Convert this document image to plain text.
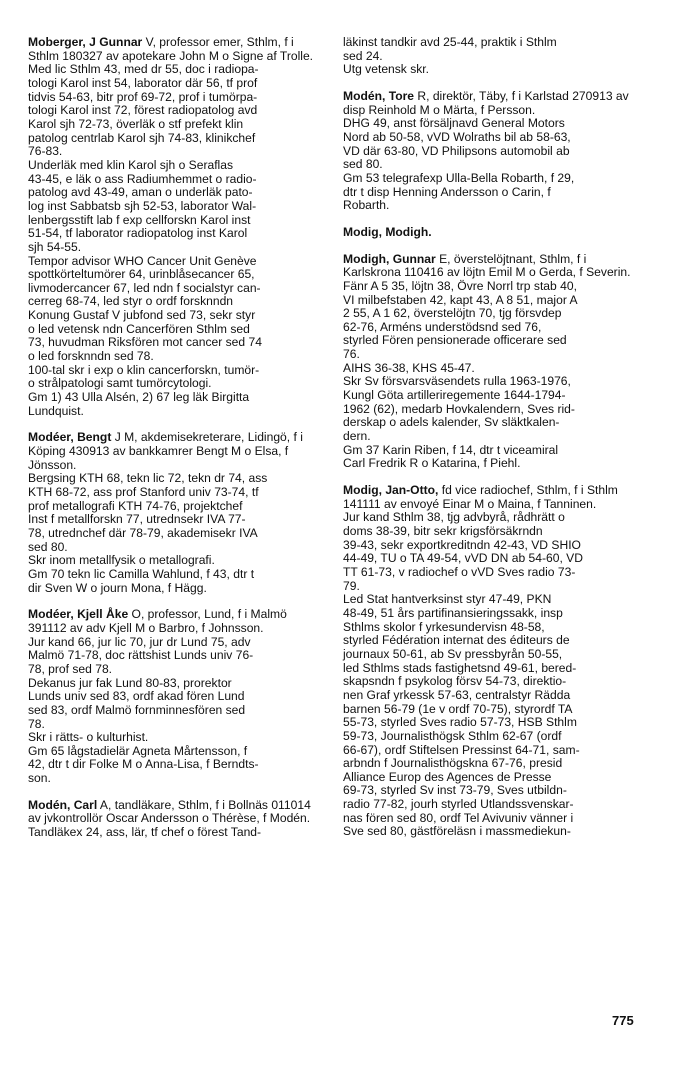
Moberger, J Gunnar V, professor emer, Sthlm, f i Sthlm 180327 av apotekare John M o Signe af Trolle.

Med lic Sthlm 43, med dr 55, doc i radiopa-
tologi Karol inst 54, laborator där 56, tf prof
tidvis 54-63, bitr prof 69-72, prof i tumörpa-
tologi Karol inst 72, förest radiopatolog avd
Karol sjh 72-73, överläk o stf prefekt klin
patolog centrlab Karol sjh 74-83, klinikchef
76-83.
Underläk med klin Karol sjh o Seraflas
43-45, e läk o ass Radiumhemmet o radio-
patolog avd 43-49, aman o underläk pato-
log inst Sabbatsb sjh 52-53, laborator Wal-
lenbergsstift lab f exp cellforskn Karol inst
51-54, tf laborator radiopatolog inst Karol
sjh 54-55.
Tempor advisor WHO Cancer Unit Genève
spottkörteltumörer 64, urinblåsecancer 65,
livmodercancer 67, led ndn f socialstyr can-
cerreg 68-74, led styr o ordf forsknndn
Konung Gustaf V jubfond sed 73, sekr styr
o led vetensk ndn Cancerfören Sthlm sed
73, huvudman Riksfören mot cancer sed 74
o led forsknndn sed 78.
100-tal skr i exp o klin cancerforskn, tumör-
o strålpatologi samt tumörcytologi.
Gm 1) 43 Ulla Alsén, 2) 67 leg läk Birgitta
Lundquist.

Modéer, Bengt J M, akdemisekreterare, Lidingö, f i Köping 430913 av bankkamrer Bengt M o Elsa, f Jönsson.

Bergsing KTH 68, tekn lic 72, tekn dr 74, ass
KTH 68-72, ass prof Stanford univ 73-74, tf
prof metallografi KTH 74-76, projektchef
Inst f metallforskn 77, utrednsekr IVA 77-
78, utrednchef där 78-79, akademisekr IVA
sed 80.
Skr inom metallfysik o metallografi.
Gm 70 tekn lic Camilla Wahlund, f 43, dtr t
dir Sven W o journ Mona, f Hägg.

Modéer, Kjell Åke O, professor, Lund, f i Malmö 391112 av adv Kjell M o Barbro, f Johnsson.

Jur kand 66, jur lic 70, jur dr Lund 75, adv
Malmö 71-78, doc rättshist Lunds univ 76-
78, prof sed 78.
Dekanus jur fak Lund 80-83, prorektor
Lunds univ sed 83, ordf akad fören Lund
sed 83, ordf Malmö fornminnesfören sed
78.
Skr i rätts- o kulturhist.
Gm 65 lågstadielär Agneta Mårtensson, f
42, dtr t dir Folke M o Anna-Lisa, f Berndts-
son.

Modén, Carl A, tandläkare, Sthlm, f i Bollnäs 011014 av jvkontrollör Oscar Andersson o Thérèse, f Modén.

Tandläkex 24, ass, lär, tf chef o förest Tand-

läkinst tandkir avd 25-44, praktik i Sthlm
sed 24.
Utg vetensk skr.

Modén, Tore R, direktör, Täby, f i Karlstad 270913 av disp Reinhold M o Märta, f Persson.

DHG 49, anst försäljnavd General Motors
Nord ab 50-58, vVD Wolraths bil ab 58-63,
VD där 63-80, VD Philipsons automobil ab
sed 80.
Gm 53 telegrafexp Ulla-Bella Robarth, f 29,
dtr t disp Henning Andersson o Carin, f
Robarth.

Modig, Modigh.

Modigh, Gunnar E, överstelöjtnant, Sthlm, f i Karlskrona 110416 av löjtn Emil M o Gerda, f Severin.

Fänr A 5 35, löjtn 38, Övre Norrl trp stab 40,
VI milbefstaben 42, kapt 43, A 8 51, major A
2 55, A 1 62, överstelöjtn 70, tjg försvdep
62-76, Arméns understödsnd sed 76,
styrled Fören pensionerade officerare sed
76.
AIHS 36-38, KHS 45-47.
Skr Sv försvarsväsendets rulla 1963-1976,
Kungl Göta artilleriregemente 1644-1794-
1962 (62), medarb Hovkalendern, Sves rid-
derskap o adels kalender, Sv släktkalen-
dern.
Gm 37 Karin Riben, f 14, dtr t viceamiral
Carl Fredrik R o Katarina, f Piehl.

Modig, Jan-Otto, fd vice radiochef, Sthlm, f i Sthlm 141111 av envoyé Einar M o Maina, f Tanninen.

Jur kand Sthlm 38, tjg advbyrå, rådhrätt o
doms 38-39, bitr sekr krigsförsäkrndn
39-43, sekr exportkreditndn 42-43, VD SHIO
44-49, TU o TA 49-54, vVD DN ab 54-60, VD
TT 61-73, v radiochef o vVD Sves radio 73-
79.
Led Stat hantverksinst styr 47-49, PKN
48-49, 51 års partifinansieringssakk, insp
Sthlms skolor f yrkesundervisn 48-58,
styrled Fédération internat des éditeurs de
journaux 50-61, ab Sv pressbyrån 50-55,
led Sthlms stads fastighetsnd 49-61, bered-
skapsndn f psykolog försv 54-73, direktio-
nen Graf yrkessk 57-63, centralstyr Rädda
barnen 56-79 (1e v ordf 70-75), styrordf TA
55-73, styrled Sves radio 57-73, HSB Sthlm
59-73, Journalisthögsk Sthlm 62-67 (ordf
66-67), ordf Stiftelsen Pressinst 64-71, sam-
arbndn f Journalisthögskna 67-76, presid
Alliance Europ des Agences de Presse
69-73, styrled Sv inst 73-79, Sves utbildn-
radio 77-82, jourh styrled Utlandssvenskar-
nas fören sed 80, ordf Tel Avivuniv vänner i
Sve sed 80, gästföreläsn i massmediekun-

775
